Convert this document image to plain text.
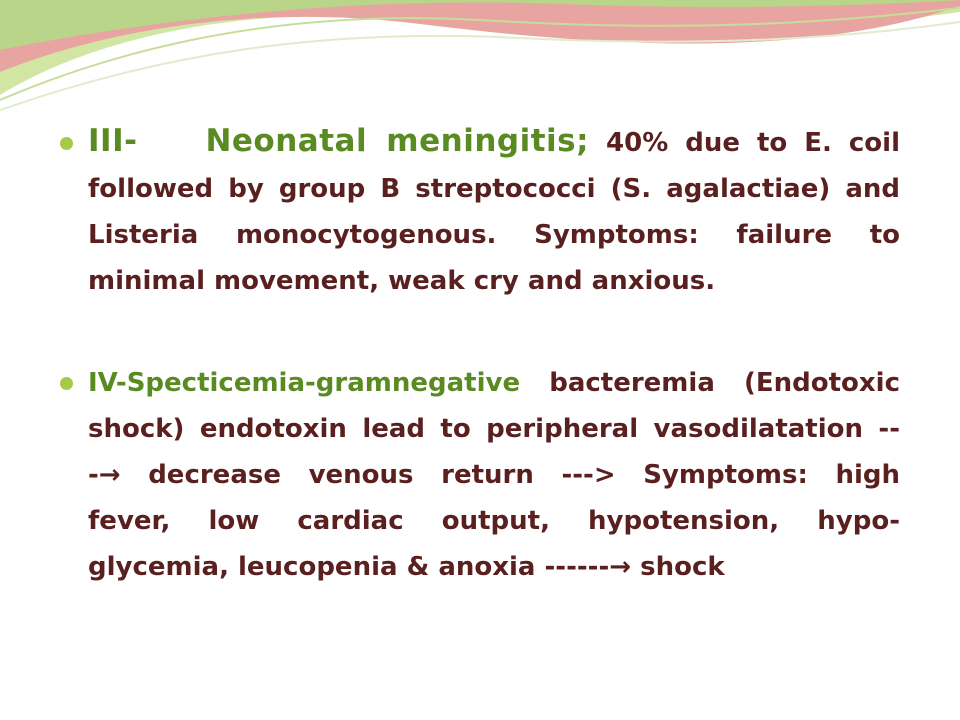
III- Neonatal meningitis; 40% due to E. coil
followed by group B streptococci (S. agalactiae) and
Listeria monocytogenous. Symptoms: failure to
minimal movement, weak cry and anxious.
IV-Specticemia-gramnegative bacteremia (Endotoxic
shock) endotoxin lead to peripheral vasodilatation --
-→ decrease venous return ---> Symptoms: high
fever, low cardiac output, hypotension, hypo-
glycemia, leucopenia & anoxia ------→ shock
